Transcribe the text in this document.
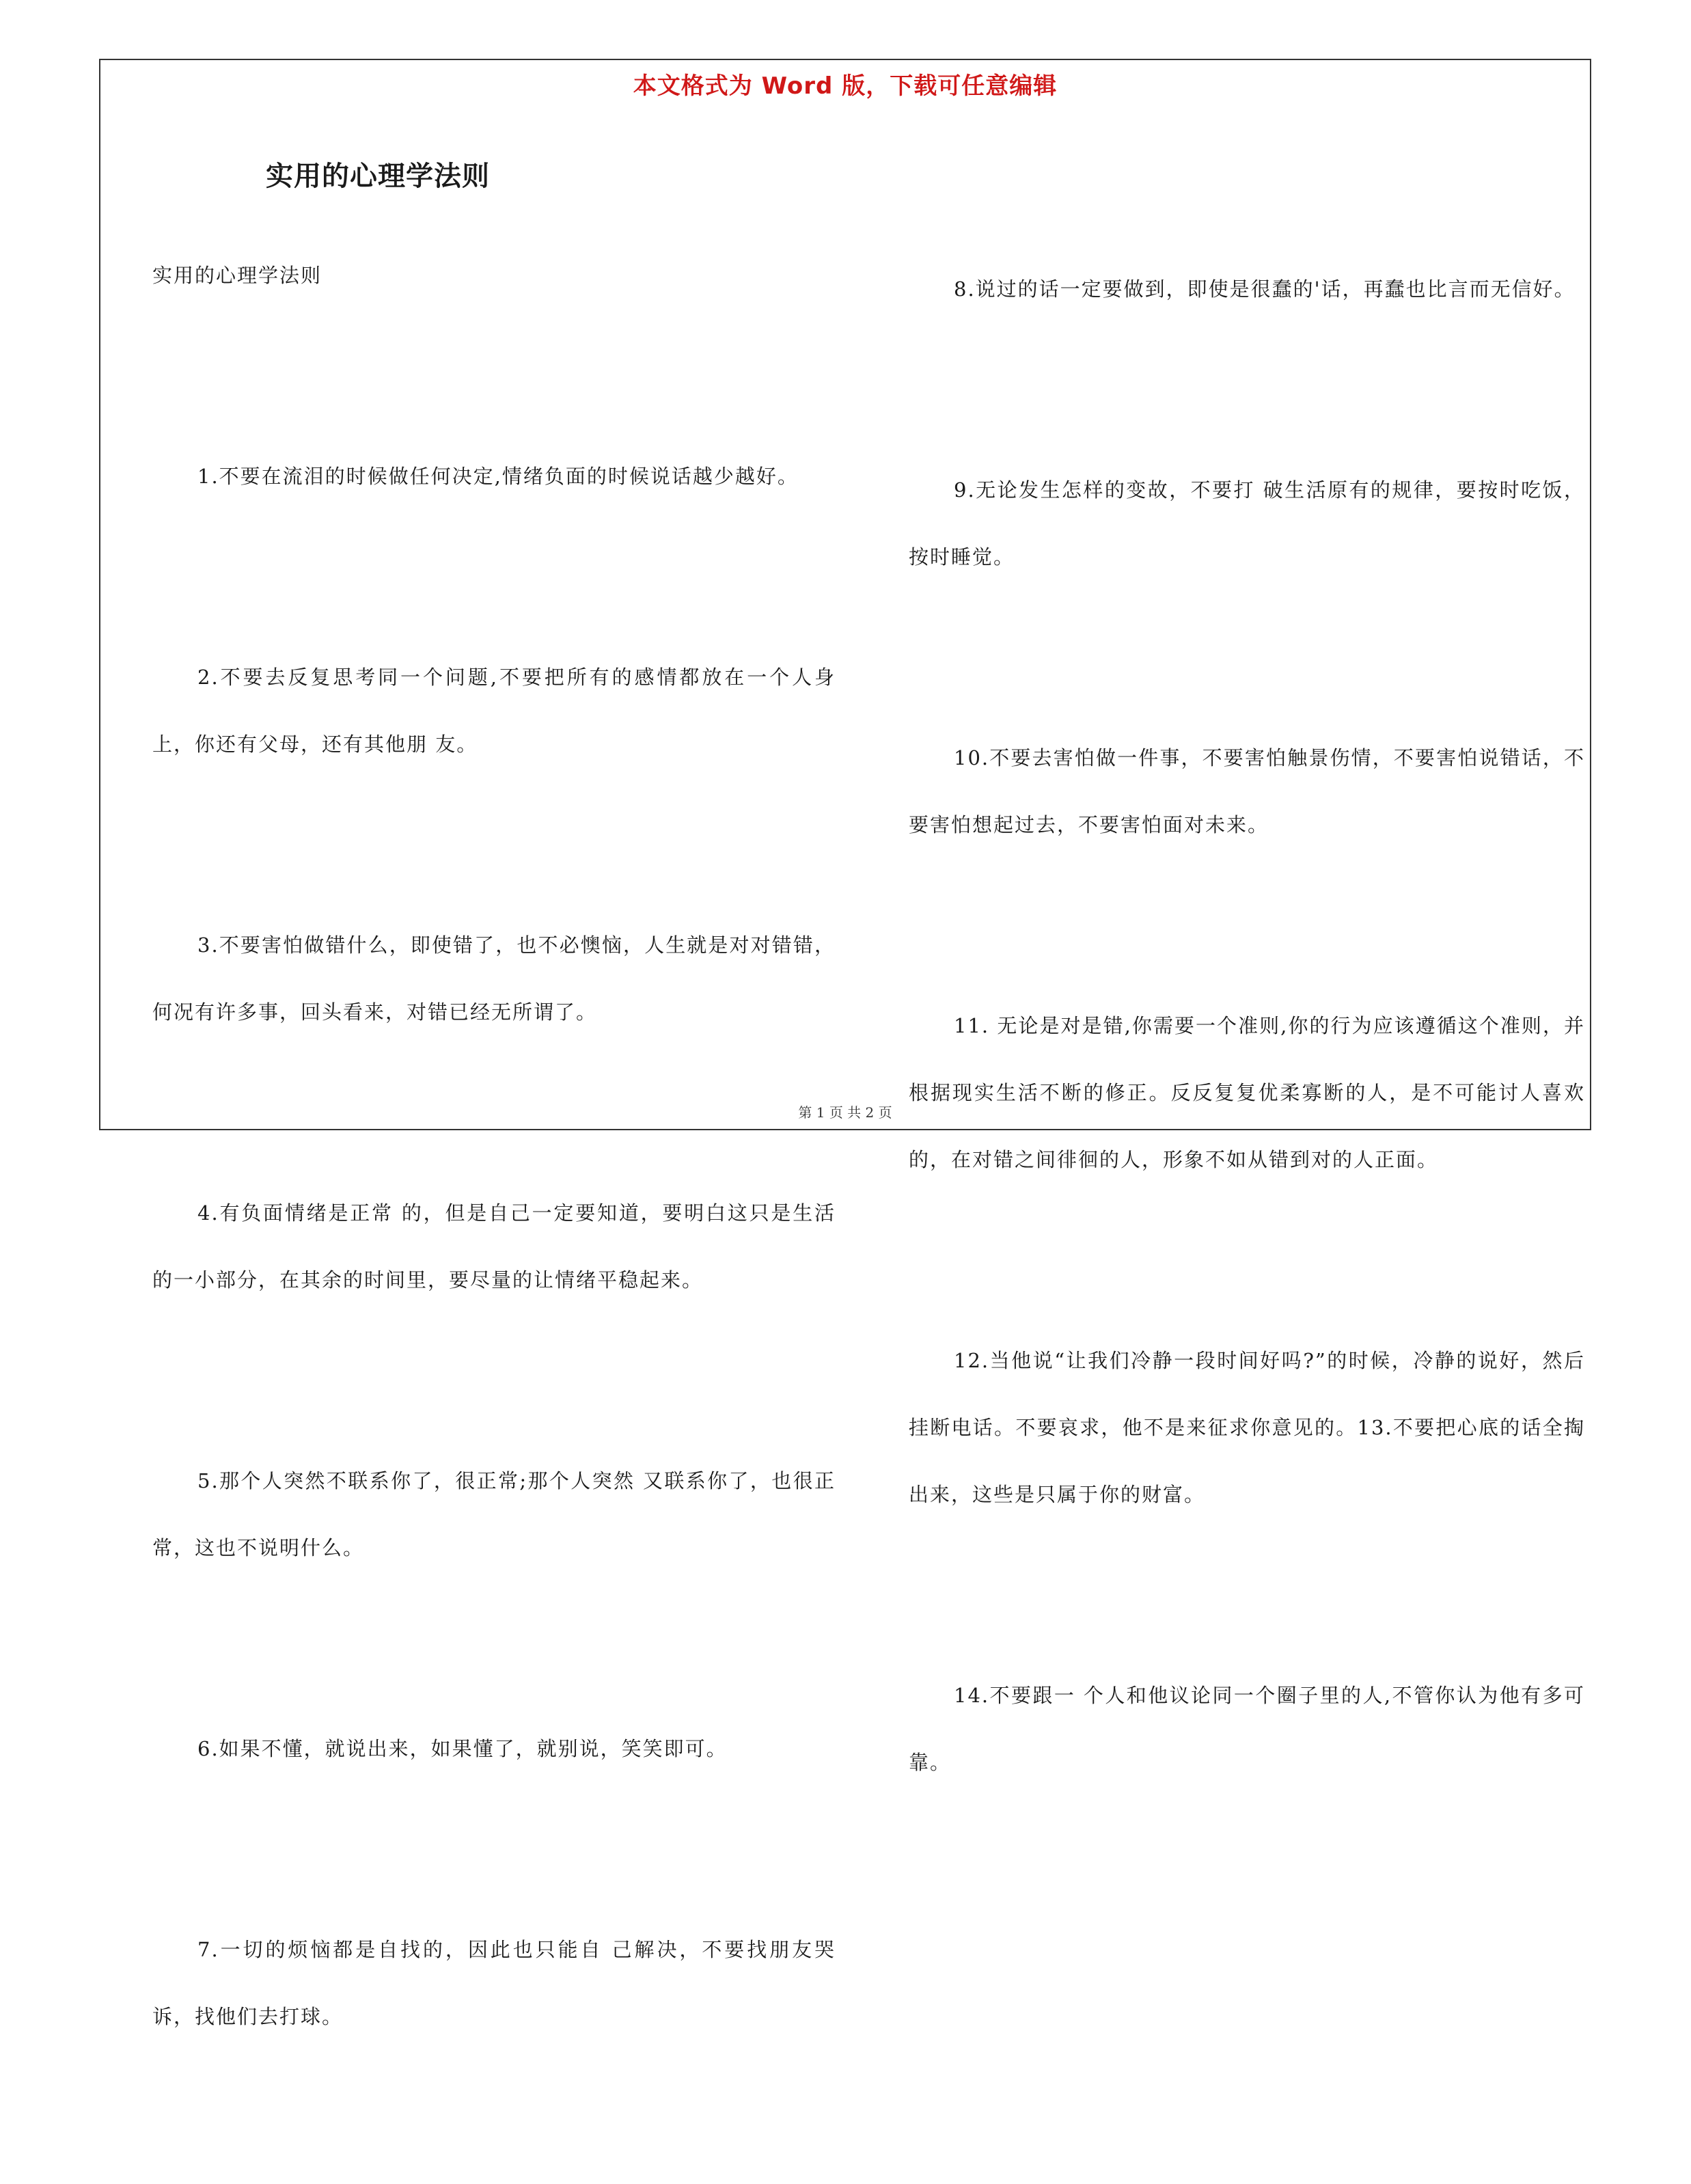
本文格式为 Word 版，下载可任意编辑
实用的心理学法则

实用的心理学法则

1.不要在流泪的时候做任何决定,情绪负面的时候说话越少越好。

2.不要去反复思考同一个问题,不要把所有的感情都放在一个人身上，你还有父母，还有其他朋 友。

3.不要害怕做错什么，即使错了，也不必懊恼，人生就是对对错错，何况有许多事，回头看来，对错已经无所谓了。

4.有负面情绪是正常 的，但是自己一定要知道，要明白这只是生活的一小部分，在其余的时间里，要尽量的让情绪平稳起来。

5.那个人突然不联系你了，很正常;那个人突然 又联系你了，也很正常，这也不说明什么。

6.如果不懂，就说出来，如果懂了，就别说，笑笑即可。

7.一切的烦恼都是自找的，因此也只能自 己解决，不要找朋友哭诉，找他们去打球。

8.说过的话一定要做到，即使是很蠢的'话，再蠢也比言而无信好。

9.无论发生怎样的变故，不要打 破生活原有的规律，要按时吃饭，按时睡觉。

10.不要去害怕做一件事，不要害怕触景伤情，不要害怕说错话，不要害怕想起过去，不要害怕面对未来。

11. 无论是对是错,你需要一个准则,你的行为应该遵循这个准则，并根据现实生活不断的修正。反反复复优柔寡断的人，是不可能讨人喜欢的，在对错之间徘徊的人，形象不如从错到对的人正面。

12.当他说“让我们冷静一段时间好吗?”的时候，冷静的说好，然后挂断电话。不要哀求，他不是来征求你意见的。13.不要把心底的话全掏出来，这些是只属于你的财富。

14.不要跟一 个人和他议论同一个圈子里的人,不管你认为他有多可靠。

第 1 页 共 2 页
